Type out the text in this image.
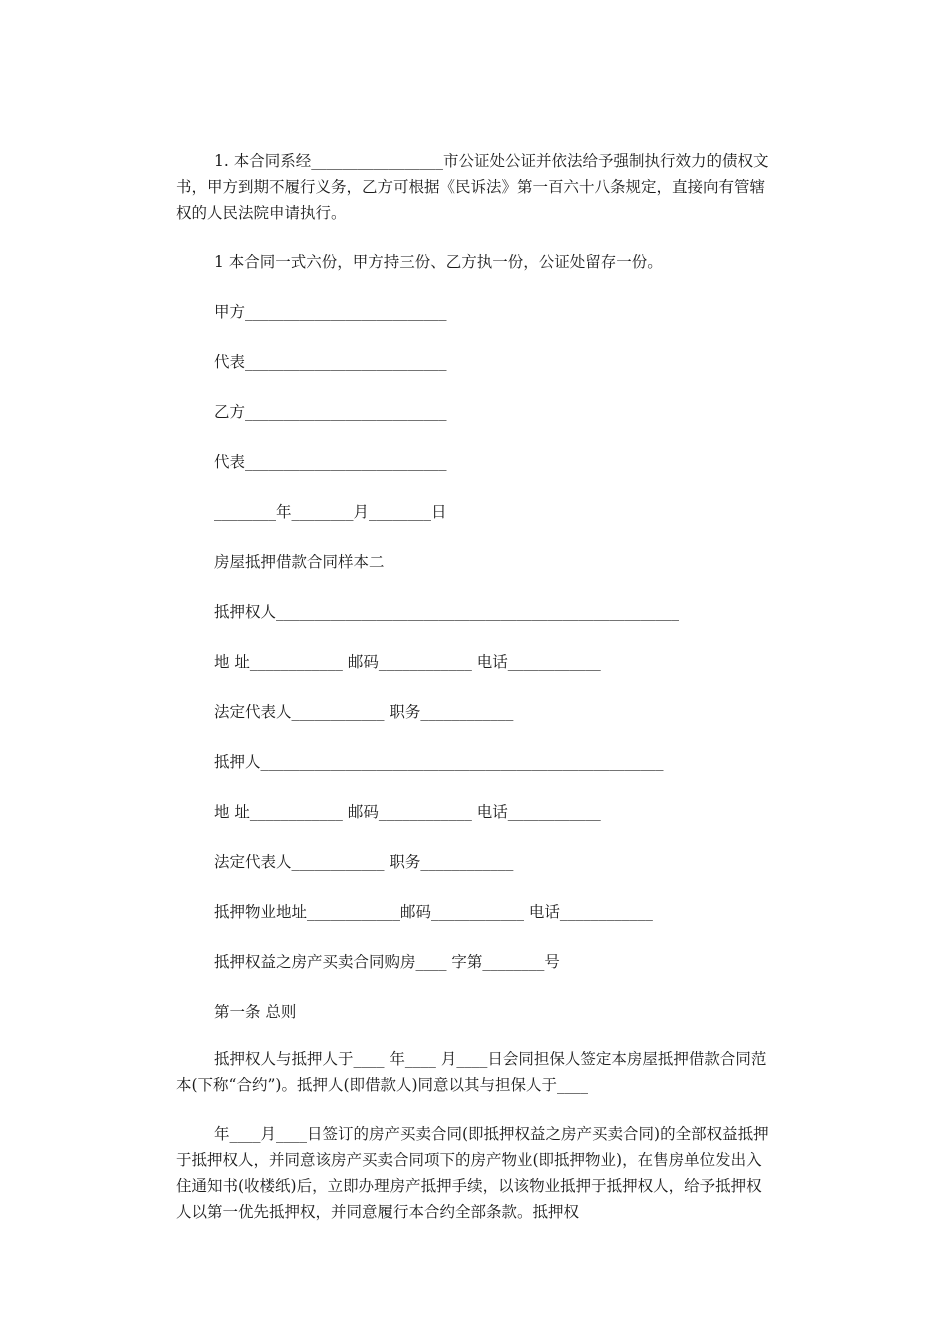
1. 本合同系经_________________市公证处公证并依法给予强制执行效力的债权文书，甲方到期不履行义务，乙方可根据《民诉法》第一百六十八条规定，直接向有管辖权的人民法院申请执行。

1 本合同一式六份，甲方持三份、乙方执一份，公证处留存一份。

甲方__________________________
代表__________________________
乙方__________________________
代表__________________________
________年________月________日
房屋抵押借款合同样本二
抵押权人____________________________________________________
地 址____________ 邮码____________ 电话____________
法定代表人____________ 职务____________
抵押人____________________________________________________
地 址____________ 邮码____________ 电话____________
法定代表人____________ 职务____________
抵押物业地址____________邮码____________ 电话____________
抵押权益之房产买卖合同购房____ 字第________号
第一条 总则

抵押权人与抵押人于____ 年____ 月____日会同担保人签定本房屋抵押借款合同范本(下称“合约”)。抵押人(即借款人)同意以其与担保人于____

年____月____日签订的房产买卖合同(即抵押权益之房产买卖合同)的全部权益抵押于抵押权人，并同意该房产买卖合同项下的房产物业(即抵押物业)，在售房单位发出入住通知书(收楼纸)后，立即办理房产抵押手续，以该物业抵押于抵押权人，给予抵押权人以第一优先抵押权，并同意履行本合约全部条款。抵押权
